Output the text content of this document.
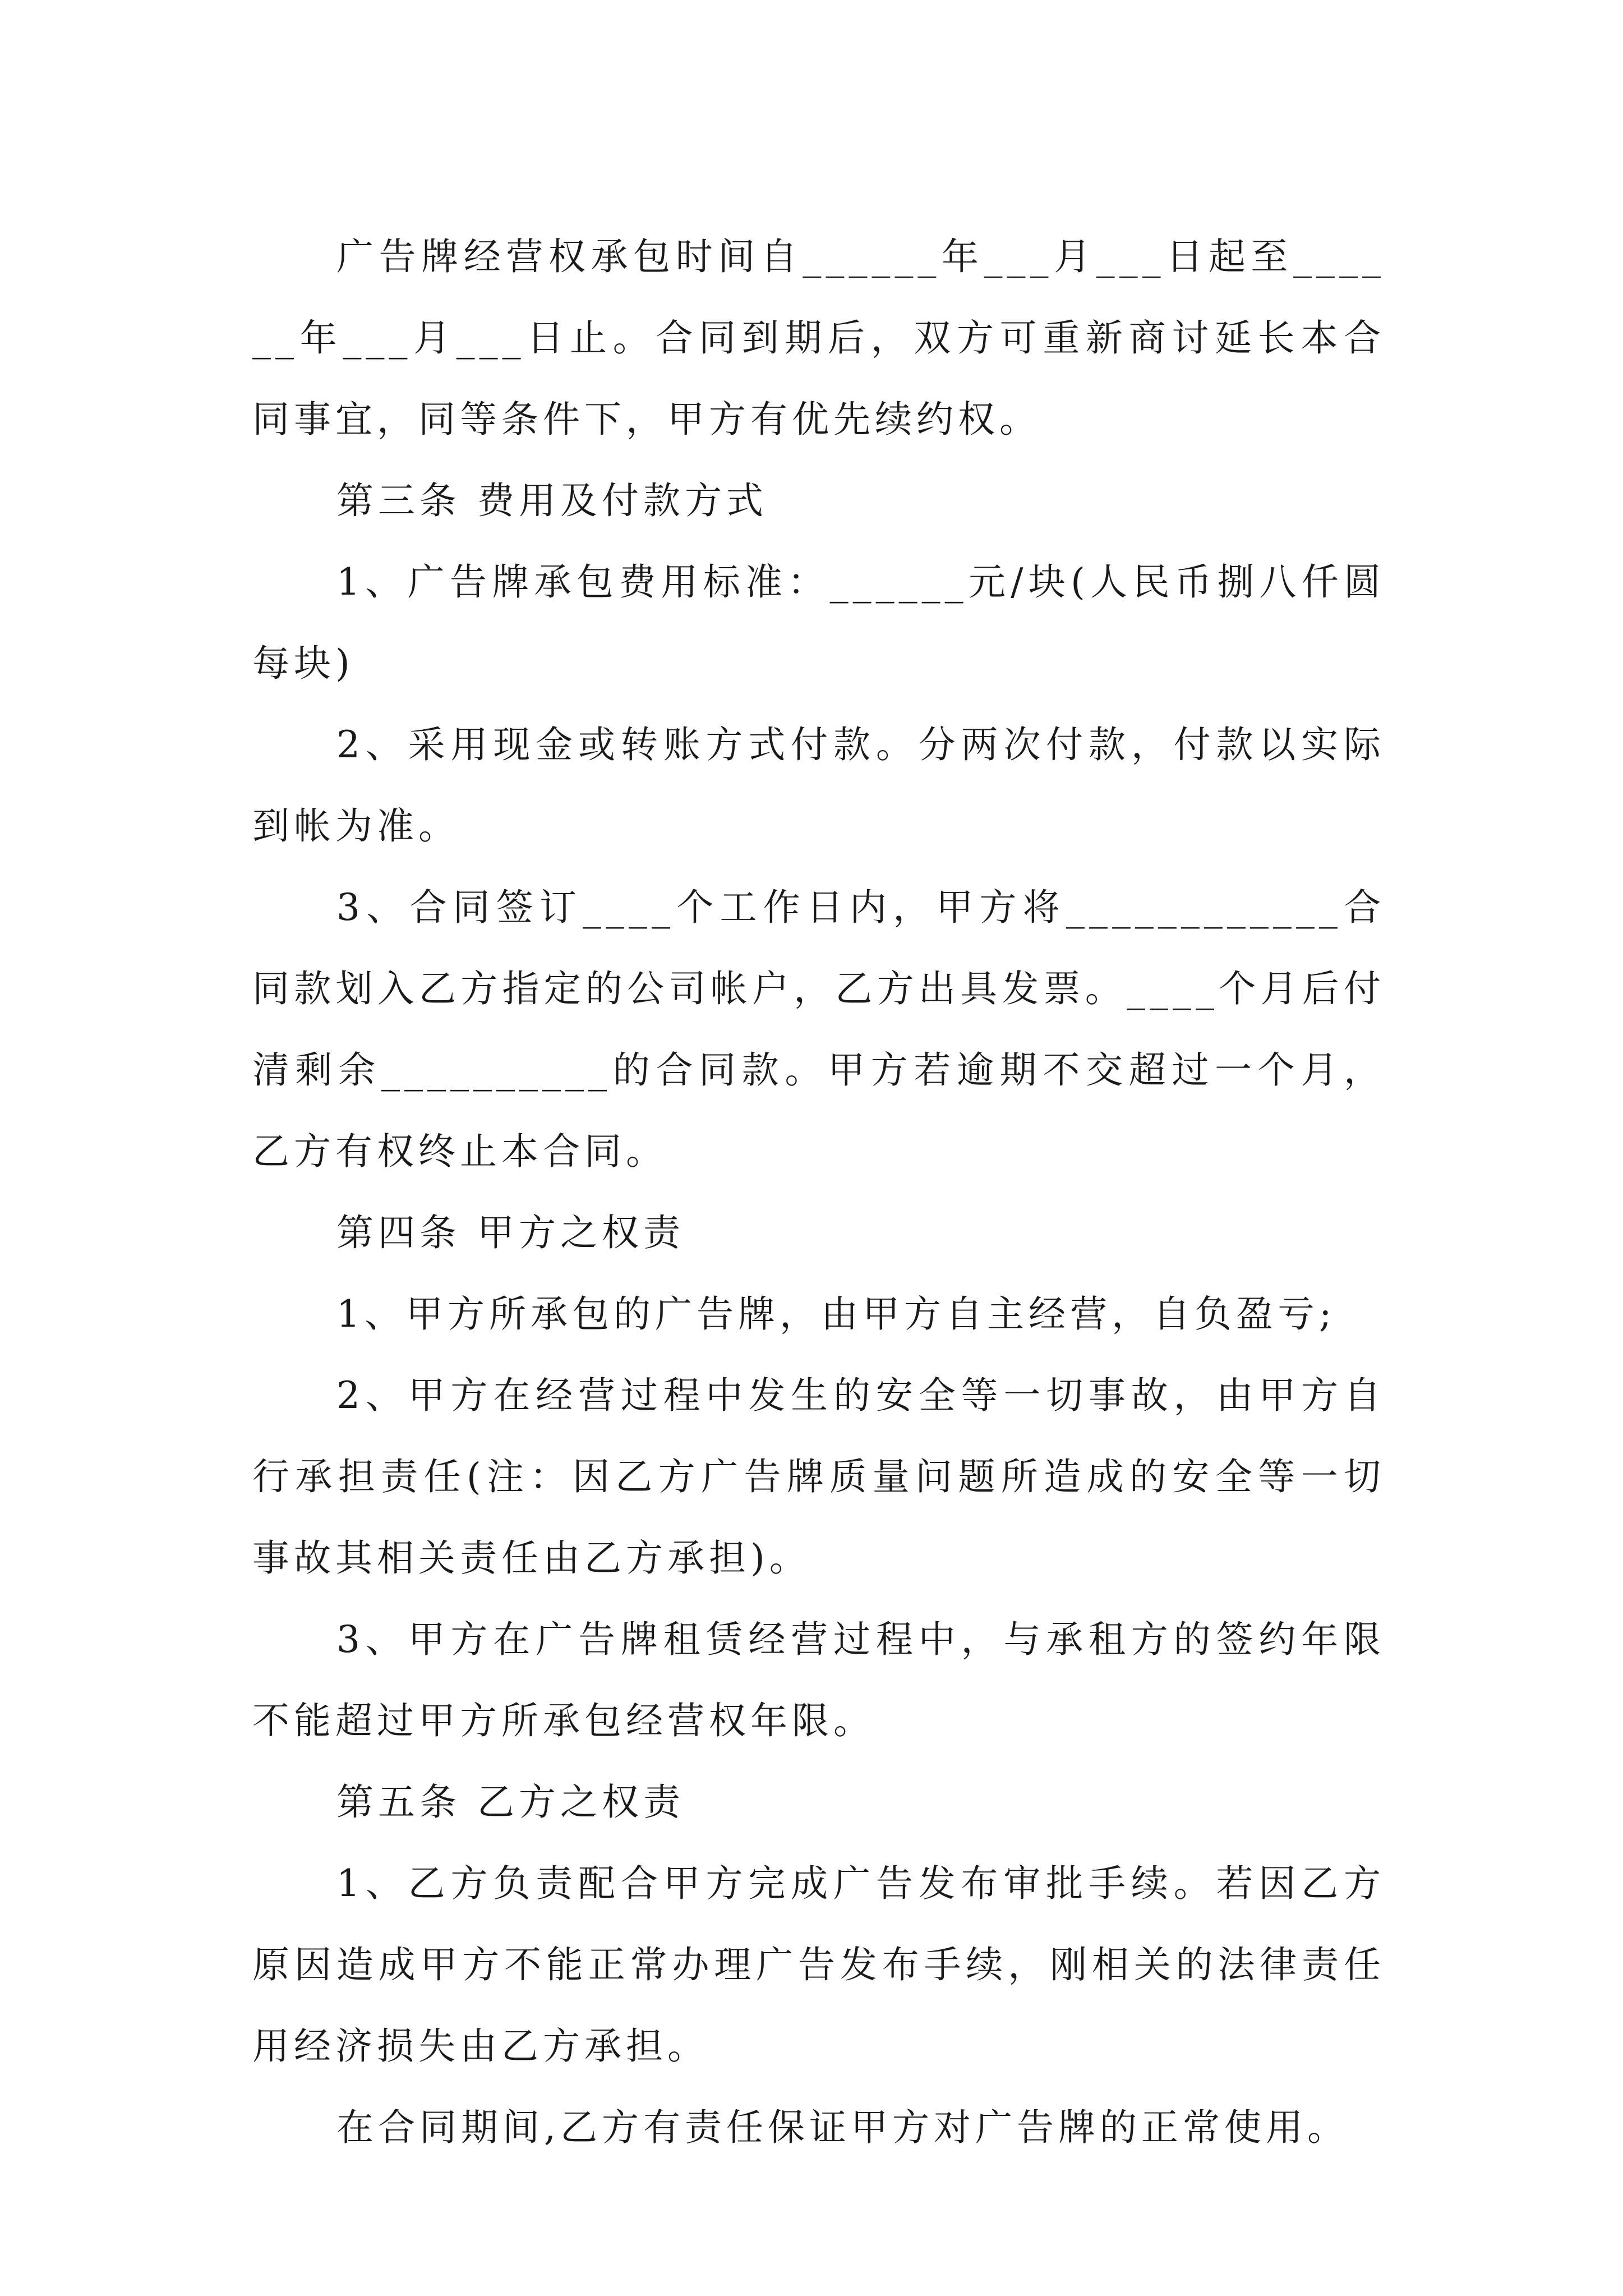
广告牌经营权承包时间自______年___月___日起至______年___月___日止。合同到期后，双方可重新商讨延长本合同事宜，同等条件下，甲方有优先续约权。

第三条 费用及付款方式

1、广告牌承包费用标准：______元/块(人民币捌八仟圆每块)

2、采用现金或转账方式付款。分两次付款，付款以实际到帐为准。

3、合同签订____个工作日内，甲方将____________合同款划入乙方指定的公司帐户，乙方出具发票。____个月后付清剩余__________的合同款。甲方若逾期不交超过一个月，乙方有权终止本合同。

第四条 甲方之权责

1、甲方所承包的广告牌，由甲方自主经营，自负盈亏;

2、甲方在经营过程中发生的安全等一切事故，由甲方自行承担责任(注：因乙方广告牌质量问题所造成的安全等一切事故其相关责任由乙方承担)。

3、甲方在广告牌租赁经营过程中，与承租方的签约年限不能超过甲方所承包经营权年限。

第五条 乙方之权责

1、乙方负责配合甲方完成广告发布审批手续。若因乙方原因造成甲方不能正常办理广告发布手续，刚相关的法律责任用经济损失由乙方承担。

在合同期间,乙方有责任保证甲方对广告牌的正常使用。
